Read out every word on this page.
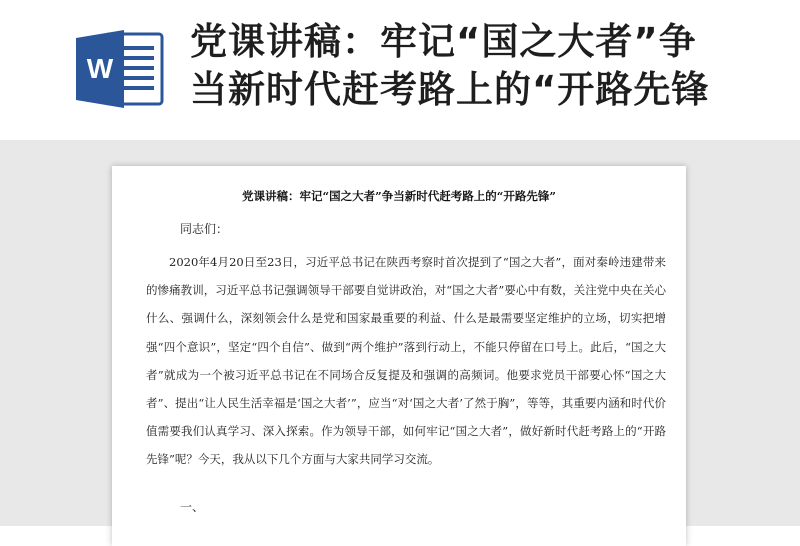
W
党课讲稿：牢记“国之大者”争
当新时代赶考路上的“开路先锋
党课讲稿：牢记“国之大者”争当新时代赶考路上的“开路先锋”
同志们：

2020年4月20日至23日，习近平总书记在陕西考察时首次提到了“国之大者”，面对秦岭违建带来的惨痛教训，习近平总书记强调领导干部要自觉讲政治，对“国之大者”要心中有数，关注党中央在关心什么、强调什么，深刻领会什么是党和国家最重要的利益、什么是最需要坚定维护的立场，切实把增强“四个意识”，坚定“四个自信”、做到“两个维护”落到行动上，不能只停留在口号上。此后，“国之大者”就成为一个被习近平总书记在不同场合反复提及和强调的高频词。他要求党员干部要心怀“国之大者”、提出“让人民生活幸福是‘国之大者’”，应当“对‘国之大者’了然于胸”，等等，其重要内涵和时代价值需要我们认真学习、深入探索。作为领导干部，如何牢记“国之大者”，做好新时代赶考路上的“开路先锋”呢？今天，我从以下几个方面与大家共同学习交流。

一、
